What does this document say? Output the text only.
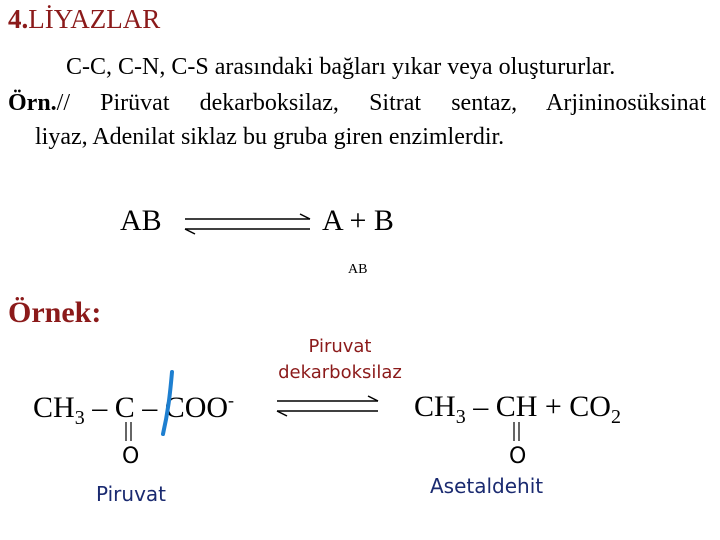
4.LİYAZLAR
C-C, C-N, C-S arasındaki bağları yıkar veya oluştururlar.
Örn.// Pirüvat dekarboksilaz, Sitrat sentaz, Arjininosüksinat
liyaz, Adenilat siklaz bu gruba giren enzimlerdir.
AB	A + B
AB
Örnek:
Piruvat dekarboksilaz
$CH_3$ – C – COO-	$CH_3$ – CH + $CO_2$
O	O
Piruvat	Asetaldehit
